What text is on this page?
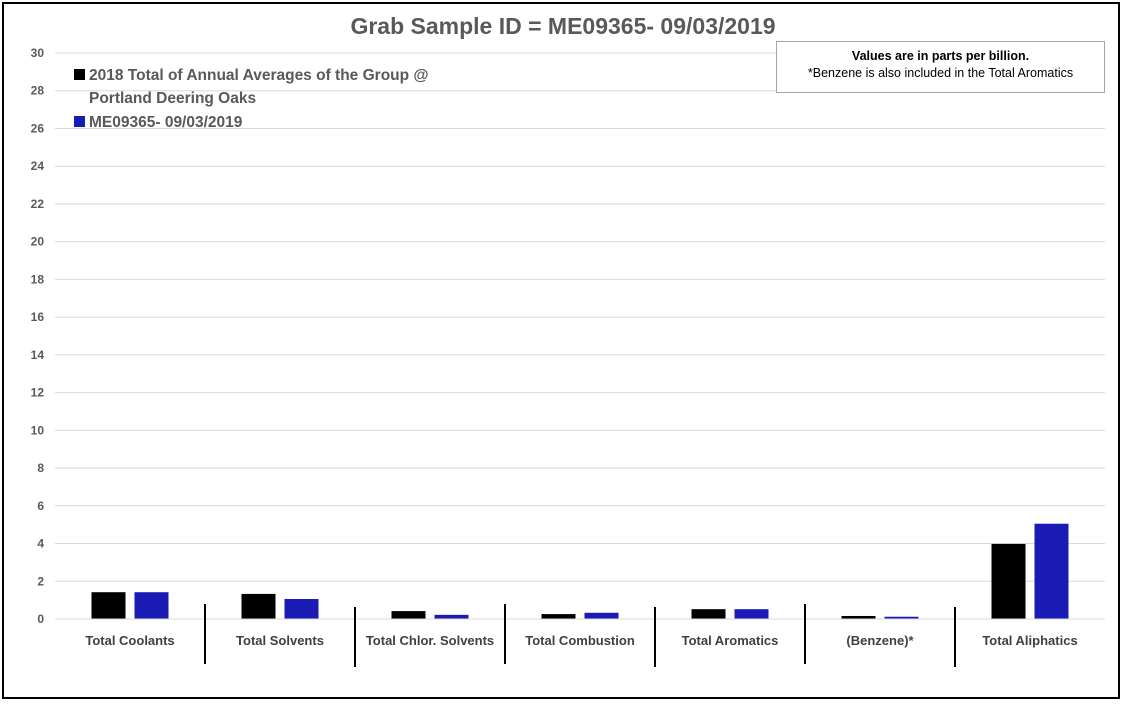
Grab Sample ID = ME09365- 09/03/2019
0
2
4
6
8
10
12
14
16
18
20
22
24
26
28
30
Total Coolants	Total Solvents	Total Chlor. Solvents Total Combustion	Total Aromatics	(Benzene)*	Total Aliphatics
2018 Total of Annual Averages of the Group @
Portland Deering Oaks
ME09365- 09/03/2019
Values are in parts per billion.
*Benzene is also included in the Total Aromatics
